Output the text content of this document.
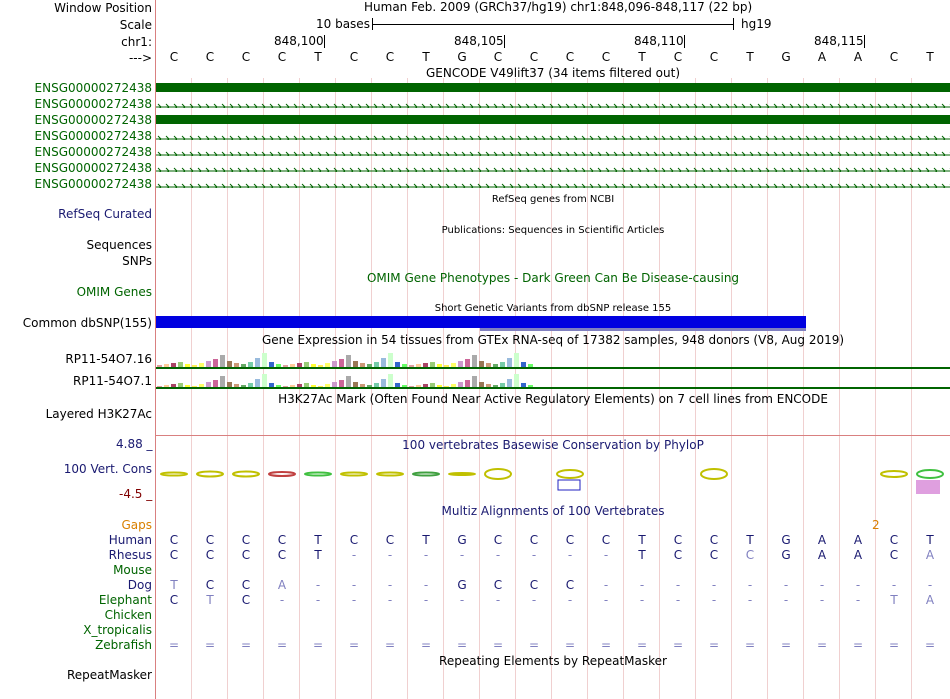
Window Position	Human Feb. 2009 (GRCh37/hg19) chr1:848,096-848,117 (22 bp)
Scale	10 bases	hg19
chr1:	848,100	848,105	848,110	848,115
--->	C	C	C	C	T	C	C	T	G	C	C	C	C	T	C	C	T	G	A	A	C	T
GENCODE V49lift37 (34 items filtered out)
ENSG00000272438
ENSG00000272438
ENSG00000272438
ENSG00000272438
ENSG00000272438
ENSG00000272438
ENSG00000272438
RefSeq Curated
RefSeq genes from NCBI
Publications: Sequences in Scientific Articles
Sequences
SNPs
OMIM Gene Phenotypes - Dark Green Can Be Disease-causing
OMIM Genes
Short Genetic Variants from dbSNP release 155
Common dbSNP(155)
Gene Expression in 54 tissues from GTEx RNA-seq of 17382 samples, 948 donors (V8, Aug 2019)
RP11-54O7.16
RP11-54O7.1
H3K27Ac Mark (Often Found Near Active Regulatory Elements) on 7 cell lines from ENCODE
Layered H3K27Ac
4.88 _	100 vertebrates Basewise Conservation by PhyloP
100 Vert. Cons
-4.5 _
Multiz Alignments of 100 Vertebrates
Gaps	2
Human	C	C	C	C	T	C	C	T	G	C	C	C	C	T	C	C	T	G	A	A	C	T
Rhesus	C	C	C	C	T	-	-	-	-	-	-	-	-	T	C	C	C	G	A	A	C	A
Mouse
Dog	T	C	C	A	-	-	-	-	G	C	C	C	-	-	-	-	-	-	-	-	-	-
Elephant	C	T	C	-	-	-	-	-	-	-	-	-	-	-	-	-	-	-	-	-	T	A
Chicken
X_tropicalis
Zebrafish	=	=	=	=	=	=	=	=	=	=	=	=	=	=	=	=	=	=	=	=	=	=
Repeating Elements by RepeatMasker
RepeatMasker
